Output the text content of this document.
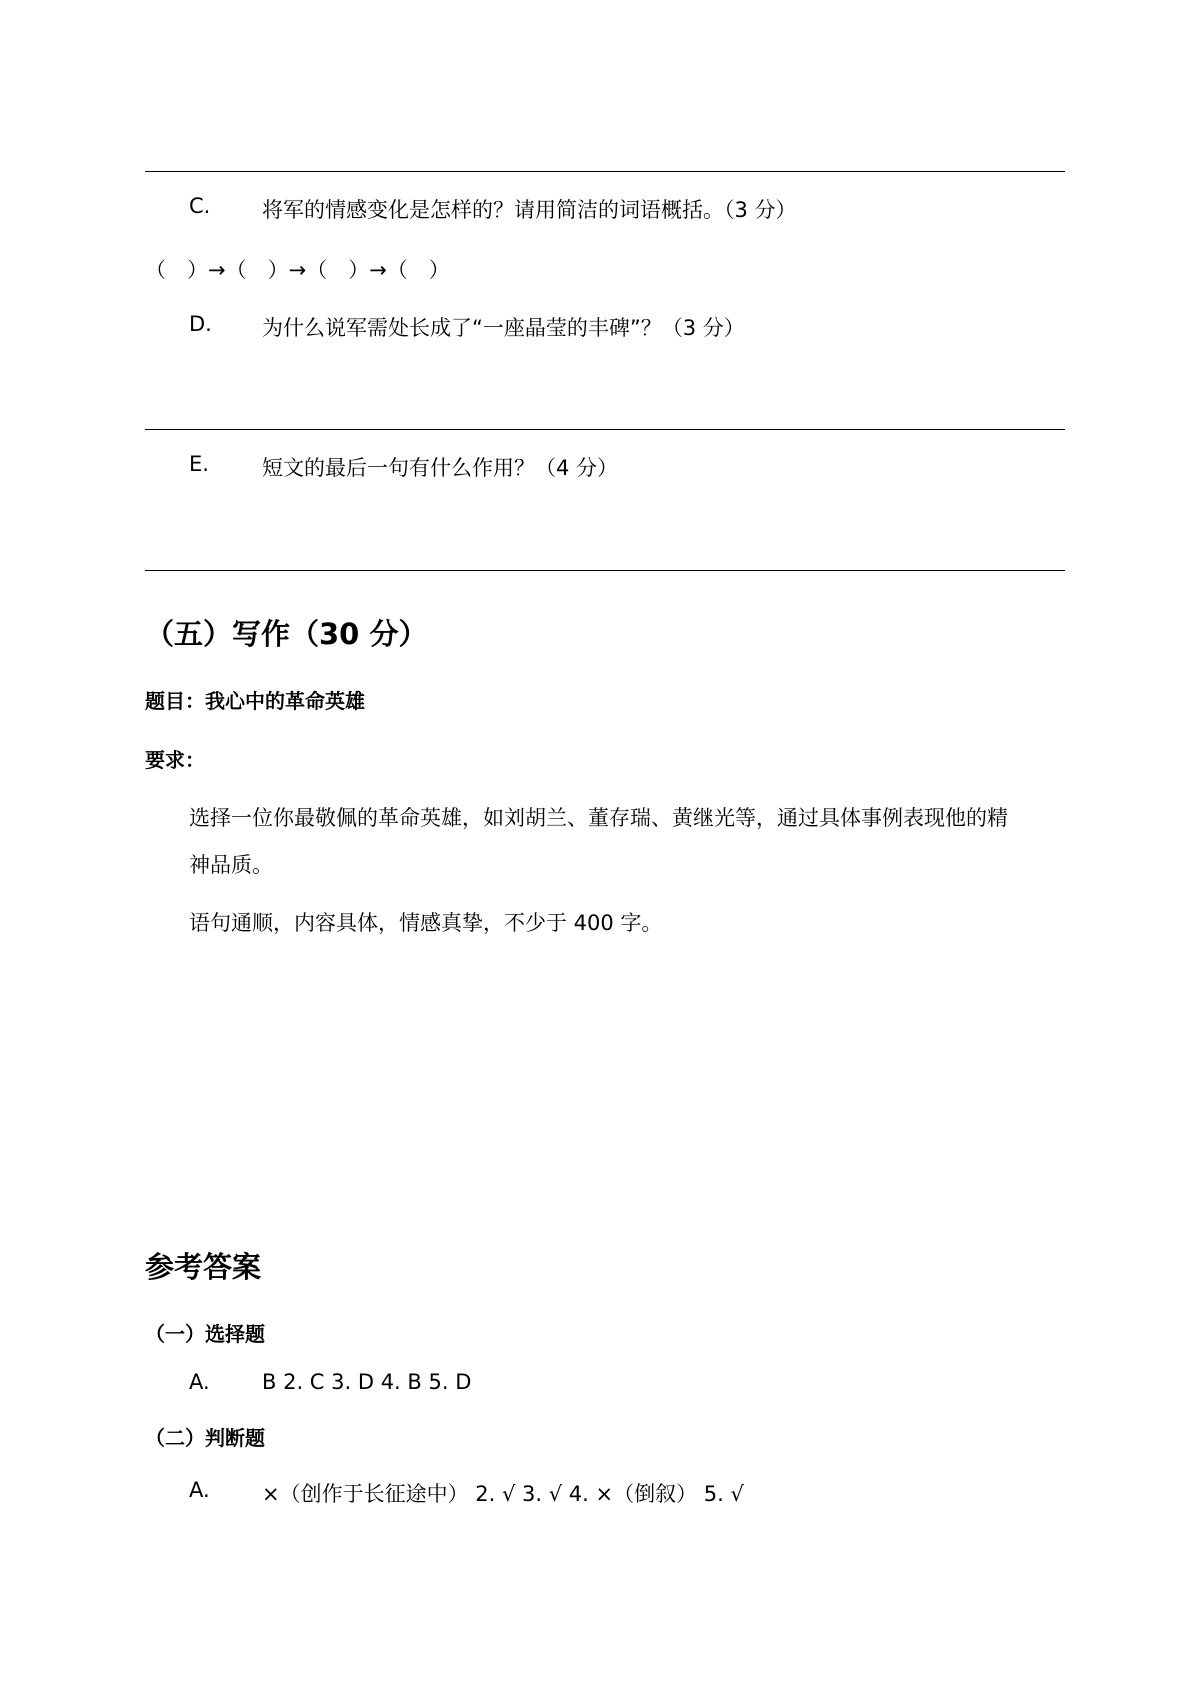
C. 将军的情感变化是怎样的？请用简洁的词语概括。（3 分）
（　）→（　）→（　）→（　）
D. 为什么说军需处长成了“一座晶莹的丰碑”？（3 分）
E.	短文的最后一句有什么作用？（4 分）
（五）写作（30 分）
题目：我心中的革命英雄
要求：
选择一位你最敬佩的革命英雄，如刘胡兰、董存瑞、黄继光等，通过具体事例表现他的精
神品质。
语句通顺，内容具体，情感真挚，不少于 400 字。
参考答案
（一）选择题
A. B 2. C 3. D 4. B 5. D
（二）判断题
A. ×（创作于长征途中） 2. √ 3. √ 4. ×（倒叙） 5. √
